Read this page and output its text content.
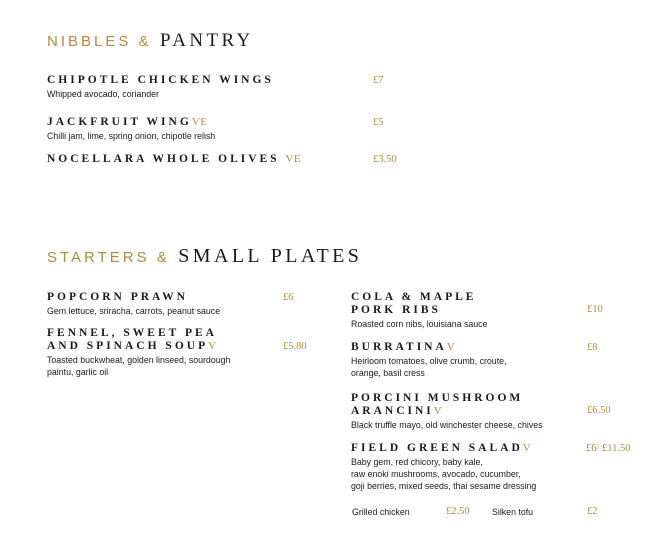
NIBBLES & PANTRY
CHIPOTLE CHICKEN WINGS
Whipped avocado, coriander
£7
JACKFRUIT WINGVE
Chilli jam, lime, spring onion, chipotle relish
£5
NOCELLARA WHOLE OLIVES VE	£3.50
STARTERS & SMALL PLATES
POPCORN PRAWN
Gem lettuce, sriracha, carrots, peanut sauce
£6
FENNEL, SWEET PEA
AND SPINACH SOUPV
Toasted buckwheat, golden linseed, sourdough
paintu, garlic oil
£5.80
COLA & MAPLE
PORK RIBS
Roasted corn nibs, louisiana sauce
£10
BURRATINAV
Heirloom tomatoes, olive crumb, croute,
orange, basil cress
£8
PORCINI MUSHROOM
ARANCINIV
Black truffle mayo, old winchester cheese, chives
£6.50
FIELD GREEN SALADV
Baby gem, red chicory, baby kale,
raw enoki mushrooms, avocado, cucumber,
goji berries, mixed seeds, thai sesame dressing
£6/ £11.50
Grilled chicken	£2.50	Silken tofu	£2
